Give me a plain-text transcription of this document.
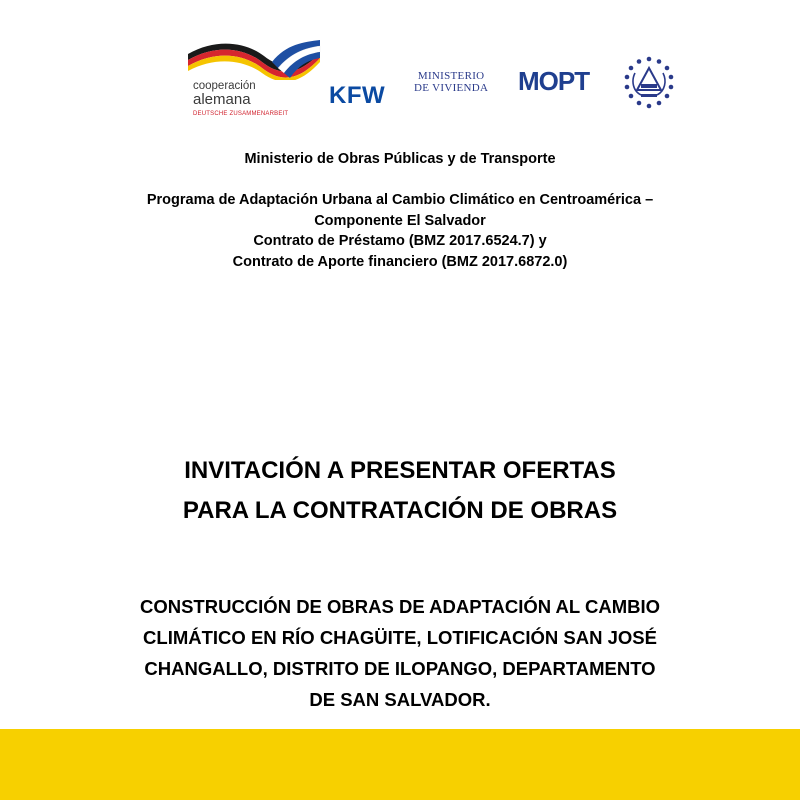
cooperación
alemana
DEUTSCHE ZUSAMMENARBEIT
KFW
MINISTERIO
DE VIVIENDA MOPT
Ministerio de Obras Públicas y de Transporte
Programa de Adaptación Urbana al Cambio Climático en Centroamérica –
Componente El Salvador
Contrato de Préstamo (BMZ 2017.6524.7) y
Contrato de Aporte financiero (BMZ 2017.6872.0)
INVITACIÓN A PRESENTAR OFERTAS
PARA LA CONTRATACIÓN DE OBRAS
CONSTRUCCIÓN DE OBRAS DE ADAPTACIÓN AL CAMBIO
CLIMÁTICO EN RÍO CHAGÜITE, LOTIFICACIÓN SAN JOSÉ
CHANGALLO, DISTRITO DE ILOPANGO, DEPARTAMENTO
DE SAN SALVADOR.
